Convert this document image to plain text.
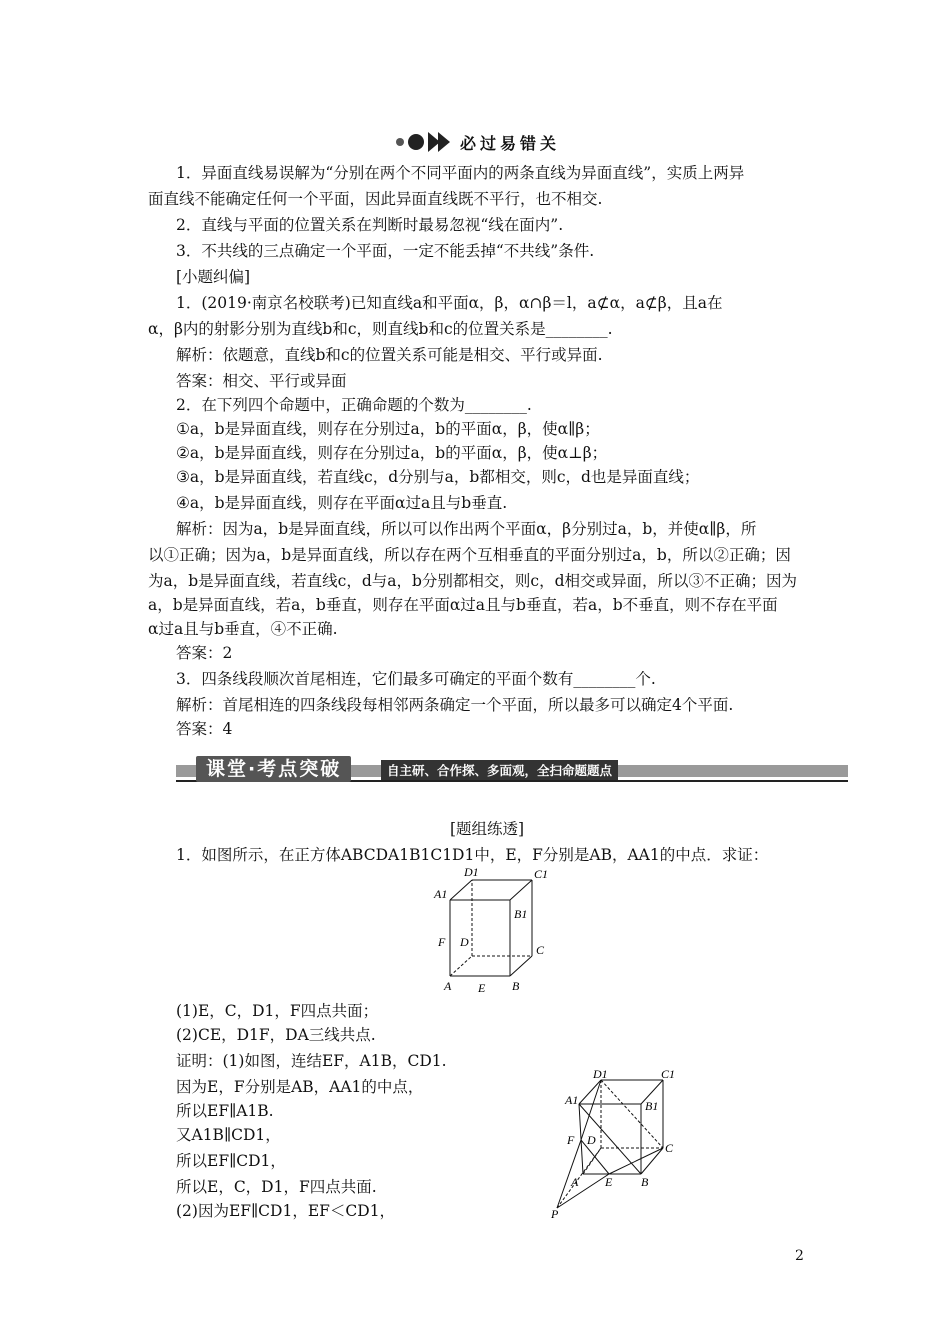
必过易错关
1．异面直线易误解为“分别在两个不同平面内的两条直线为异面直线”，实质上两异
面直线不能确定任何一个平面，因此异面直线既不平行，也不相交.
2．直线与平面的位置关系在判断时最易忽视“线在面内”.
3．不共线的三点确定一个平面，一定不能丢掉“不共线”条件.
[小题纠偏]
1．(2019·南京名校联考)已知直线a和平面α，β，α∩β＝l，a⊄α，a⊄β，且a在
α，β内的射影分别为直线b和c，则直线b和c的位置关系是________.
解析：依题意，直线b和c的位置关系可能是相交、平行或异面.
答案：相交、平行或异面
2．在下列四个命题中，正确命题的个数为________.
①a，b是异面直线，则存在分别过a，b的平面α，β，使α∥β；
②a，b是异面直线，则存在分别过a，b的平面α，β，使α⊥β；
③a，b是异面直线，若直线c，d分别与a，b都相交，则c，d也是异面直线；
④a，b是异面直线，则存在平面α过a且与b垂直.
解析：因为a，b是异面直线，所以可以作出两个平面α，β分别过a，b，并使α∥β，所
以①正确；因为a，b是异面直线，所以存在两个互相垂直的平面分别过a，b，所以②正确；因
为a，b是异面直线，若直线c，d与a，b分别都相交，则c，d相交或异面，所以③不正确；因为
a，b是异面直线，若a，b垂直，则存在平面α过a且与b垂直，若a，b不垂直，则不存在平面
α过a且与b垂直，④不正确.
答案：2
3．四条线段顺次首尾相连，它们最多可确定的平面个数有________个.
解析：首尾相连的四条线段每相邻两条确定一个平面，所以最多可以确定4个平面.
答案：4
课堂·考点突破	自主研、合作探、多面观，全扫命题题点
[题组练透]
1．如图所示，在正方体ABCDA1B1C1D1中，E，F分别是AB，AA1的中点．求证：
D1	C1
A1
B1
F D
C
A E B
(1)E，C，D1，F四点共面；
(2)CE，D1F，DA三线共点.
证明：(1)如图，连结EF，A1B，CD1.
因为E，F分别是AB，AA1的中点，
所以EF∥A1B.
又A1B∥CD1，
所以EF∥CD1，
所以E，C，D1，F四点共面.
(2)因为EF∥CD1，EF＜CD1，
D1	C1
A1	B1
F D
C
A E B
P
2
